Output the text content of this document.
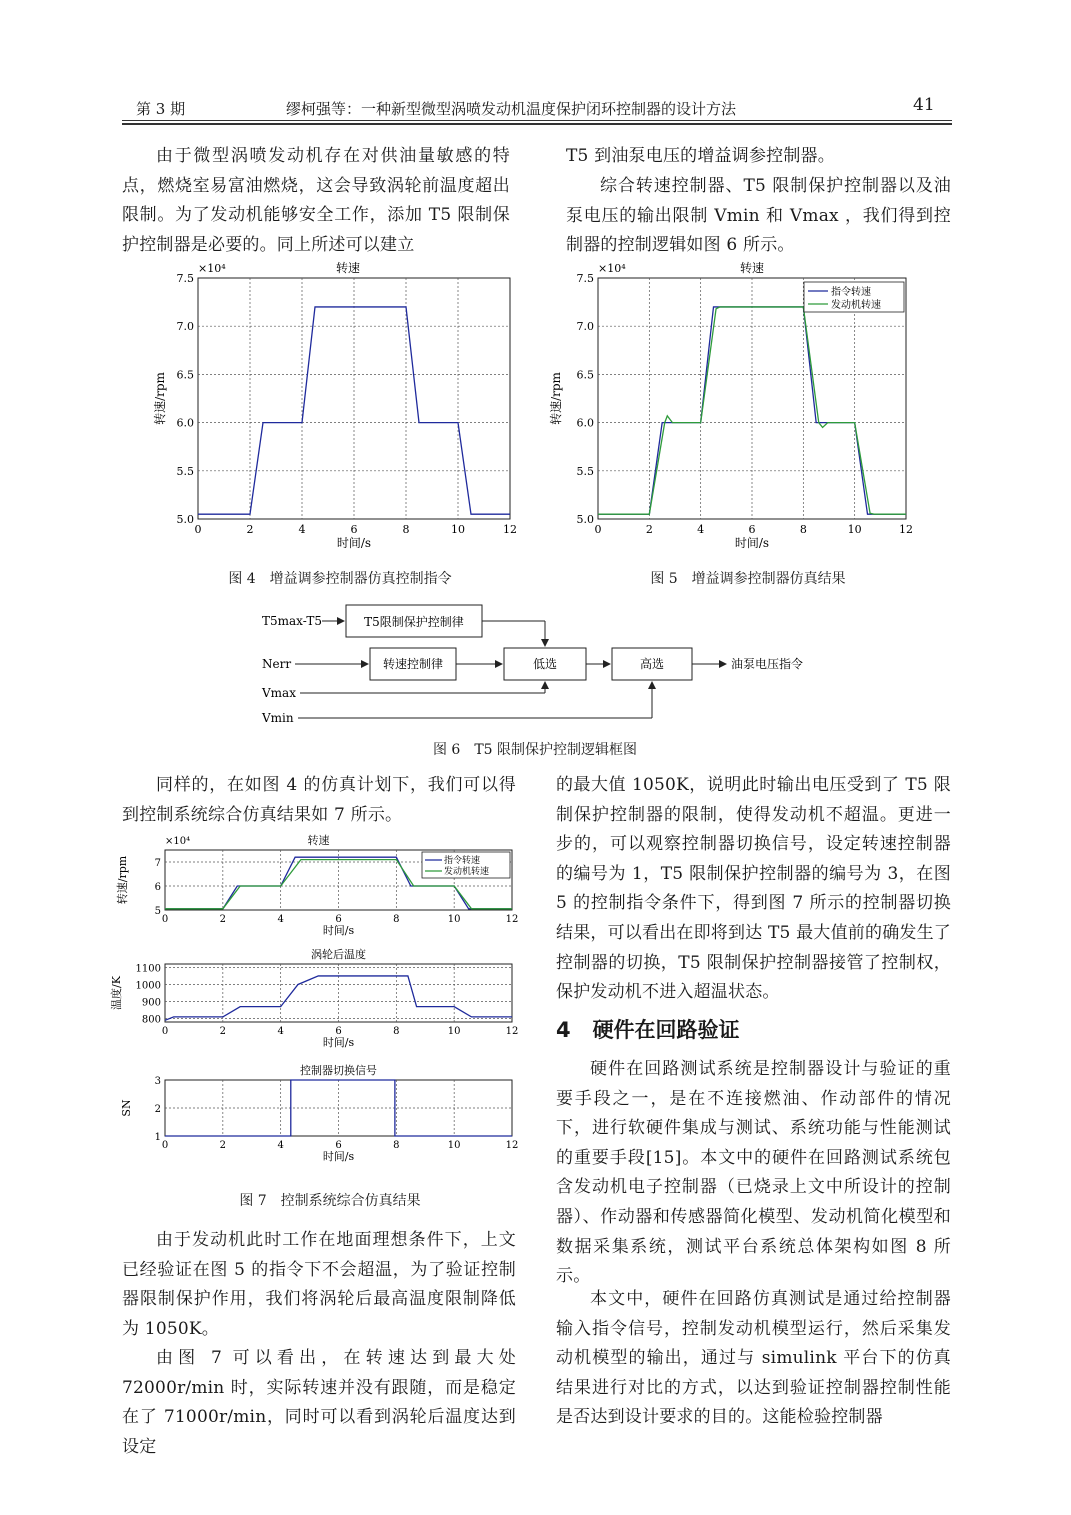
第 3 期	缪柯强等：一种新型微型涡喷发动机温度保护闭环控制器的设计方法	41

由于微型涡喷发动机存在对供油量敏感的特点，燃烧室易富油燃烧，这会导致涡轮前温度超出限制。为了发动机能够安全工作，添加 T5 限制保护控制器是必要的。同上所述可以建立

T5 到油泵电压的增益调参控制器。

综合转速控制器、T5 限制保护控制器以及油泵电压的输出限制 Vmin 和 Vmax ，我们得到控制器的控制逻辑如图 6 所示。

0	2	4	6	8	10	12
7.5
7.0
6.5
6.0
5.5
5.0
转速
×10⁴
时间/s
转速/rpm
图 4　增益调参控制器仿真控制指令
0	2	4	6	8	10	12
7.5
7.0
6.5
6.0
5.5
5.0
转速
×10⁴
时间/s
转速/rpm
指令转速
发动机转速
图 5　增益调参控制器仿真结果
T5max-T5	T5限制保护控制律
Nerr	转速控制律	低选	高选	油泵电压指令
Vmax
Vmin
图 6　T5 限制保护控制逻辑框图

同样的，在如图 4 的仿真计划下，我们可以得到控制系统综合仿真结果如 7 所示。

0	2	4	6	8	10	12
7
6
5
转速
×10⁴
时间/s
转速/rpm	指令转速
发动机转速
0	2	4	6	8	10	12
1100
1000
900
800
涡轮后温度
时间/s
温度/K
0	2	4	6	8	10	12
3
2
1
控制器切换信号
时间/s
SN
图 7　控制系统综合仿真结果

由于发动机此时工作在地面理想条件下，上文已经验证在图 5 的指令下不会超温，为了验证控制器限制保护作用，我们将涡轮后最高温度限制降低为 1050K。

由图 7 可以看出，在转速达到最大处 72000r/min 时，实际转速并没有跟随，而是稳定在了 71000r/min，同时可以看到涡轮后温度达到设定

的最大值 1050K，说明此时输出电压受到了 T5 限制保护控制器的限制，使得发动机不超温。更进一步的，可以观察控制器切换信号，设定转速控制器的编号为 1，T5 限制保护控制器的编号为 3，在图 5 的控制指令条件下，得到图 7 所示的控制器切换结果，可以看出在即将到达 T5 最大值前的确发生了控制器的切换，T5 限制保护控制器接管了控制权，保护发动机不进入超温状态。

4 硬件在回路验证

硬件在回路测试系统是控制器设计与验证的重要手段之一，是在不连接燃油、作动部件的情况下，进行软硬件集成与测试、系统功能与性能测试的重要手段[15]。本文中的硬件在回路测试系统包含发动机电子控制器（已烧录上文中所设计的控制器）、作动器和传感器简化模型、发动机简化模型和数据采集系统，测试平台系统总体架构如图 8 所示。

本文中，硬件在回路仿真测试是通过给控制器输入指令信号，控制发动机模型运行，然后采集发动机模型的输出，通过与 simulink 平台下的仿真结果进行对比的方式，以达到验证控制器控制性能是否达到设计要求的目的。这能检验控制器
